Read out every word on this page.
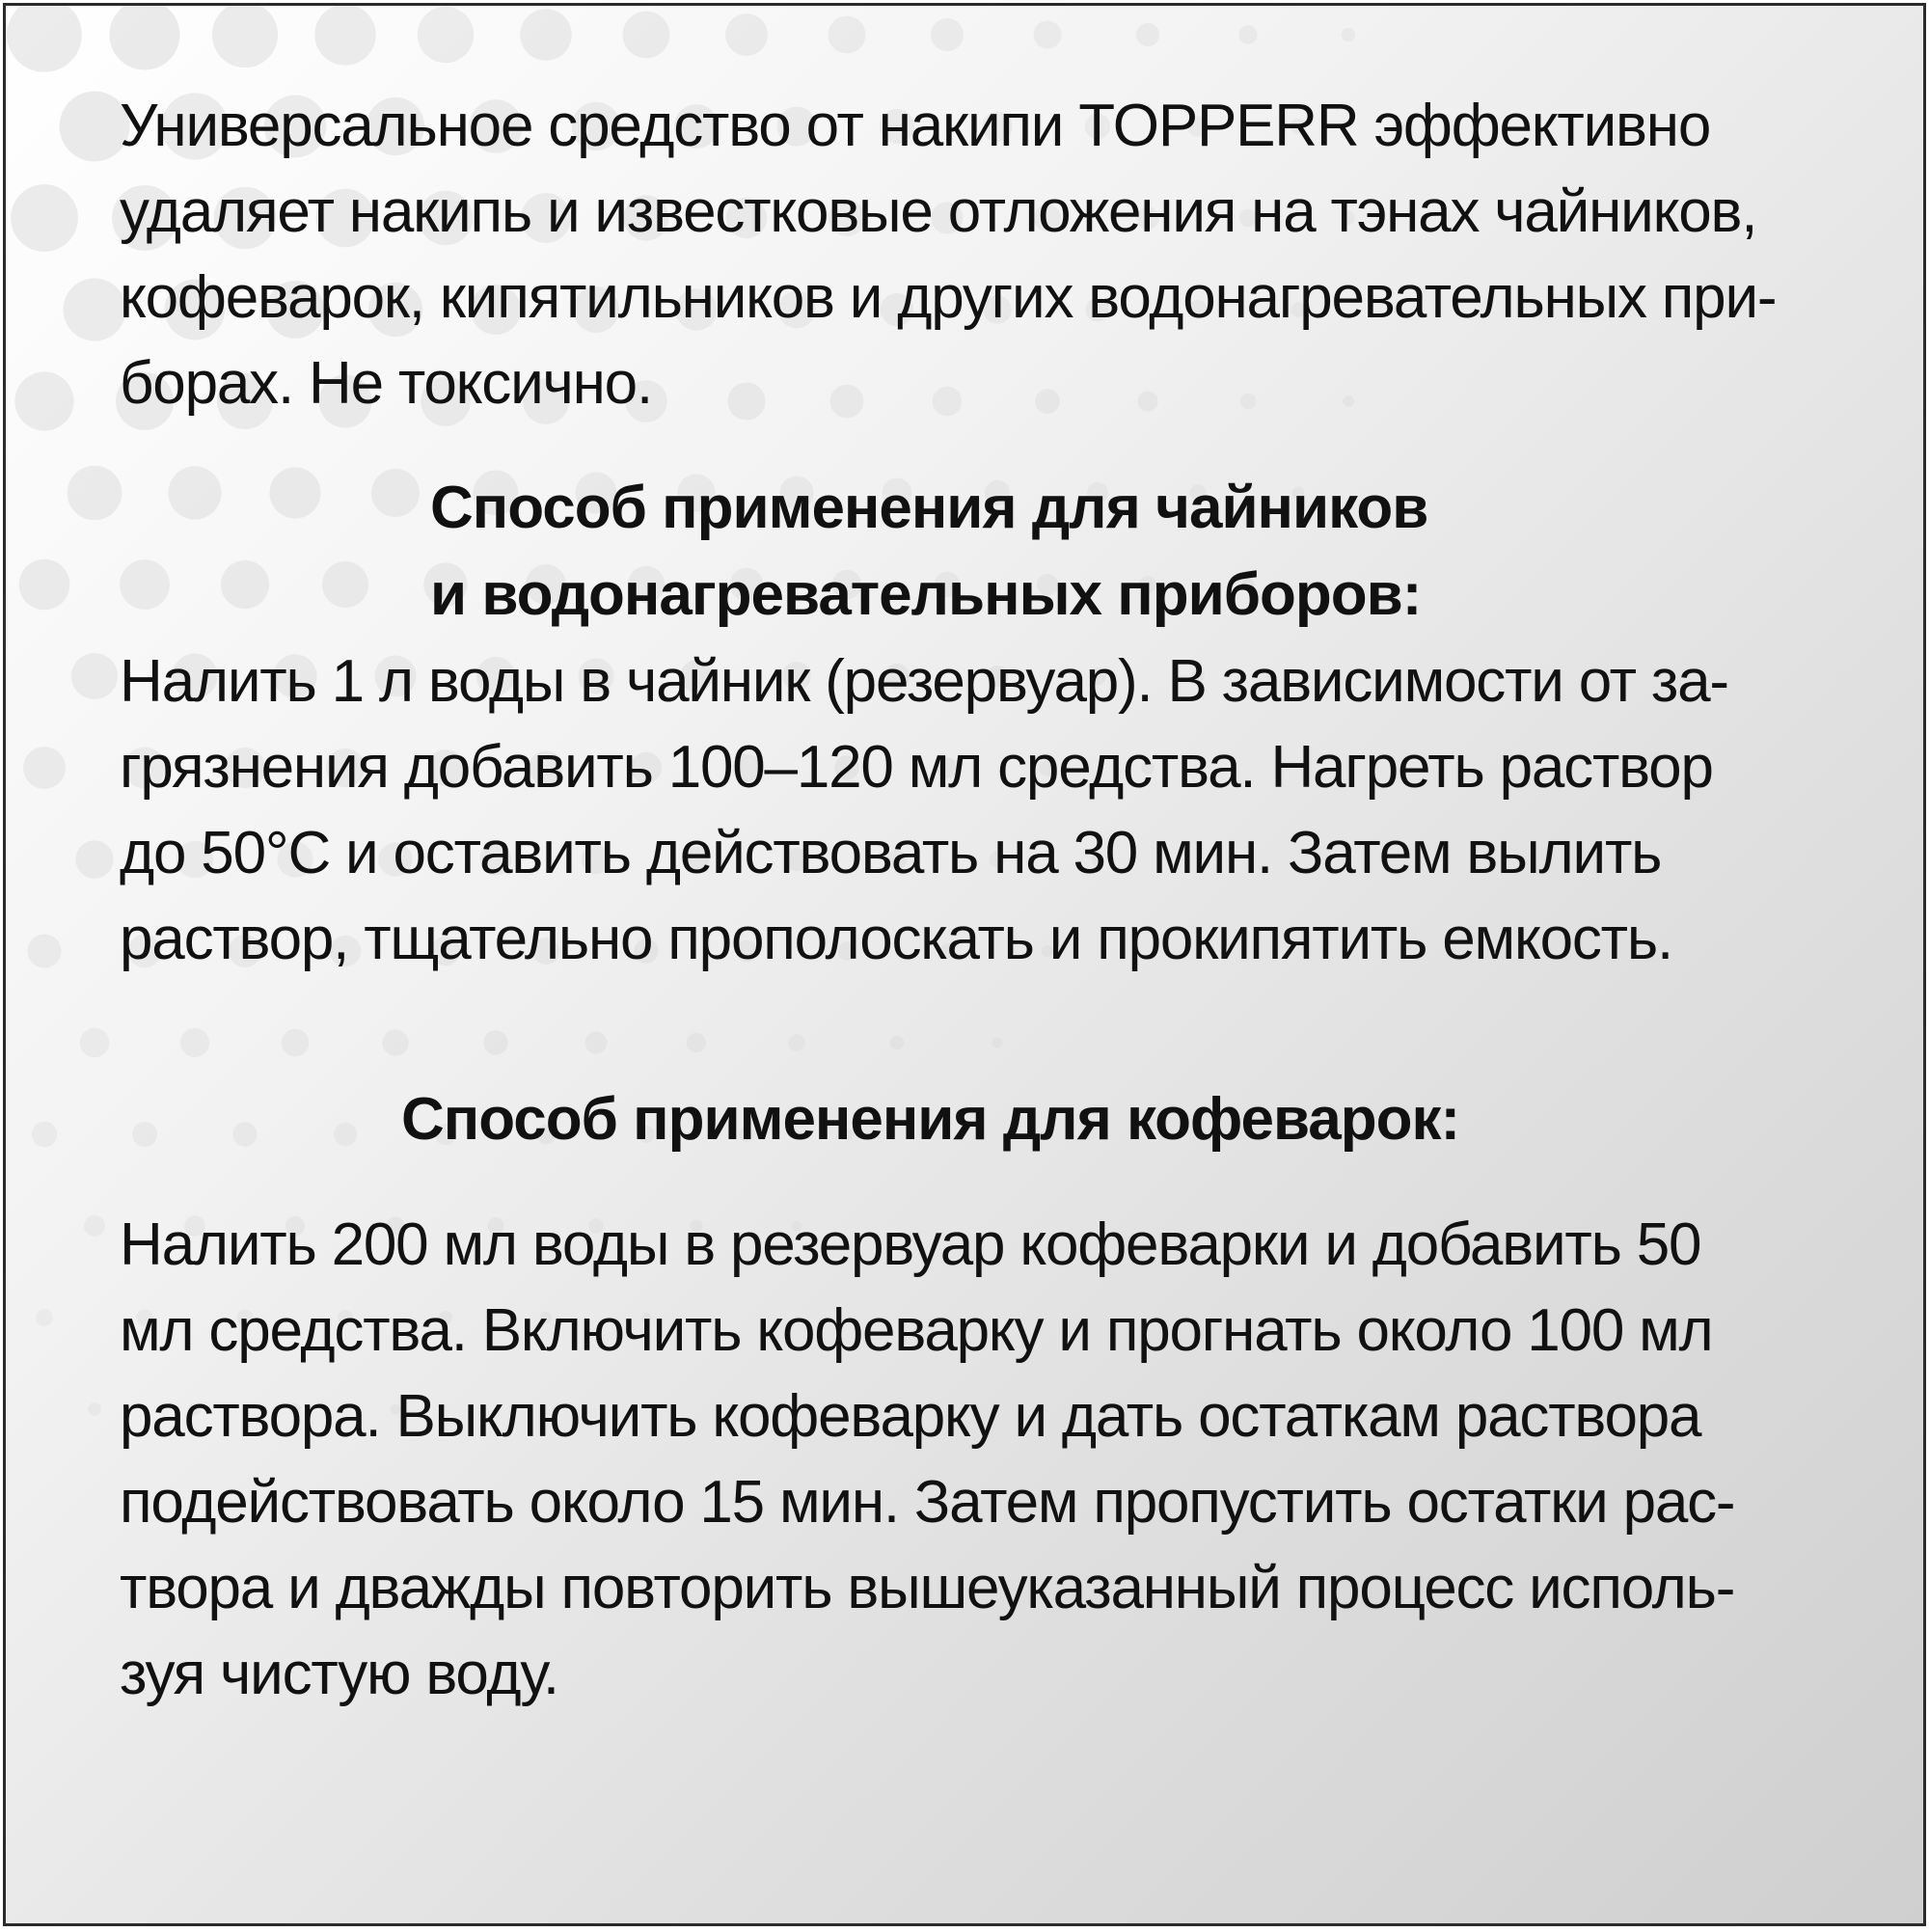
Универсальное средство от накипи TOPPERR эффективно
удаляет накипь и известковые отложения на тэнах чайников,
кофеварок, кипятильников и других водонагревательных при-
борах. Не токсично.

Способ применения для чайников
и водонагревательных приборов:

Налить 1 л воды в чайник (резервуар). В зависимости от за-
грязнения добавить 100–120 мл средства. Нагреть раствор
до 50°С и оставить действовать на 30 мин. Затем вылить
раствор, тщательно прополоскать и прокипятить емкость.

Способ применения для кофеварок:

Налить 200 мл воды в резервуар кофеварки и добавить 50
мл средства. Включить кофеварку и прогнать около 100 мл
раствора. Выключить кофеварку и дать остаткам раствора
подействовать около 15 мин. Затем пропустить остатки рас-
твора и дважды повторить вышеуказанный процесс исполь-
зуя чистую воду.
